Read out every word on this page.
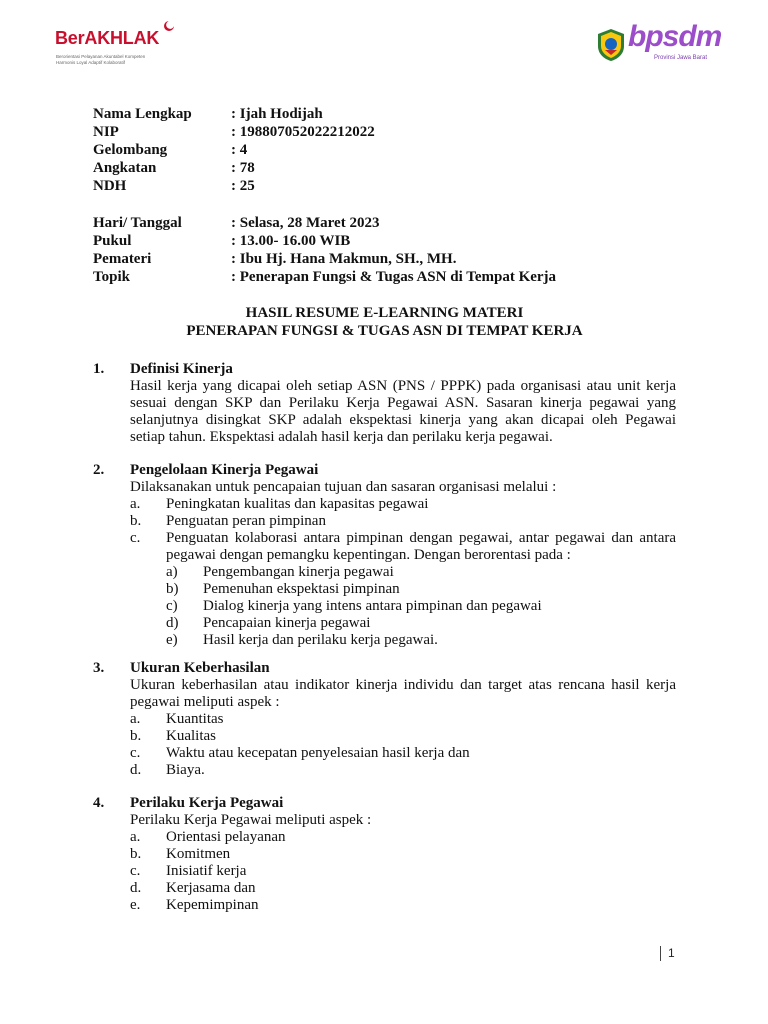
BerAKHLAK
Berorientasi Pelayanan Akuntabel Kompeten
Harmonis Loyal Adaptif Kolaboratif
bpsdm
Provinsi Jawa Barat
Nama Lengkap	: Ijah Hodijah
NIP	: 198807052022212022
Gelombang	: 4
Angkatan	: 78
NDH	: 25
Hari/ Tanggal	: Selasa, 28 Maret 2023
Pukul	: 13.00- 16.00 WIB
Pemateri	: Ibu Hj. Hana Makmun, SH., MH.
Topik	: Penerapan Fungsi & Tugas ASN di Tempat Kerja
HASIL RESUME E-LEARNING MATERI
PENERAPAN FUNGSI & TUGAS ASN DI TEMPAT KERJA
1.	Definisi Kinerja
Hasil kerja yang dicapai oleh setiap ASN (PNS / PPPK) pada organisasi atau unit kerja sesuai dengan SKP dan Perilaku Kerja Pegawai ASN. Sasaran kinerja pegawai yang selanjutnya disingkat SKP adalah ekspektasi kinerja yang akan dicapai oleh Pegawai setiap tahun. Ekspektasi adalah hasil kerja dan perilaku kerja pegawai.
2.	Pengelolaan Kinerja Pegawai
Dilaksanakan untuk pencapaian tujuan dan sasaran organisasi melalui :
a.	Peningkatan kualitas dan kapasitas pegawai
b.	Penguatan peran pimpinan
c.	Penguatan kolaborasi antara pimpinan dengan pegawai, antar pegawai dan antara pegawai dengan pemangku kepentingan. Dengan berorentasi pada :
a)	Pengembangan kinerja pegawai
b)	Pemenuhan ekspektasi pimpinan
c)	Dialog kinerja yang intens antara pimpinan dan pegawai
d)	Pencapaian kinerja pegawai
e)	Hasil kerja dan perilaku kerja pegawai.
3.	Ukuran Keberhasilan
Ukuran keberhasilan atau indikator kinerja individu dan target atas rencana hasil kerja pegawai meliputi aspek :
a.	Kuantitas
b.	Kualitas
c.	Waktu atau kecepatan penyelesaian hasil kerja dan
d.	Biaya.
4.	Perilaku Kerja Pegawai
Perilaku Kerja Pegawai meliputi aspek :
a.	Orientasi pelayanan
b.	Komitmen
c.	Inisiatif kerja
d.	Kerjasama dan
e.	Kepemimpinan
1
